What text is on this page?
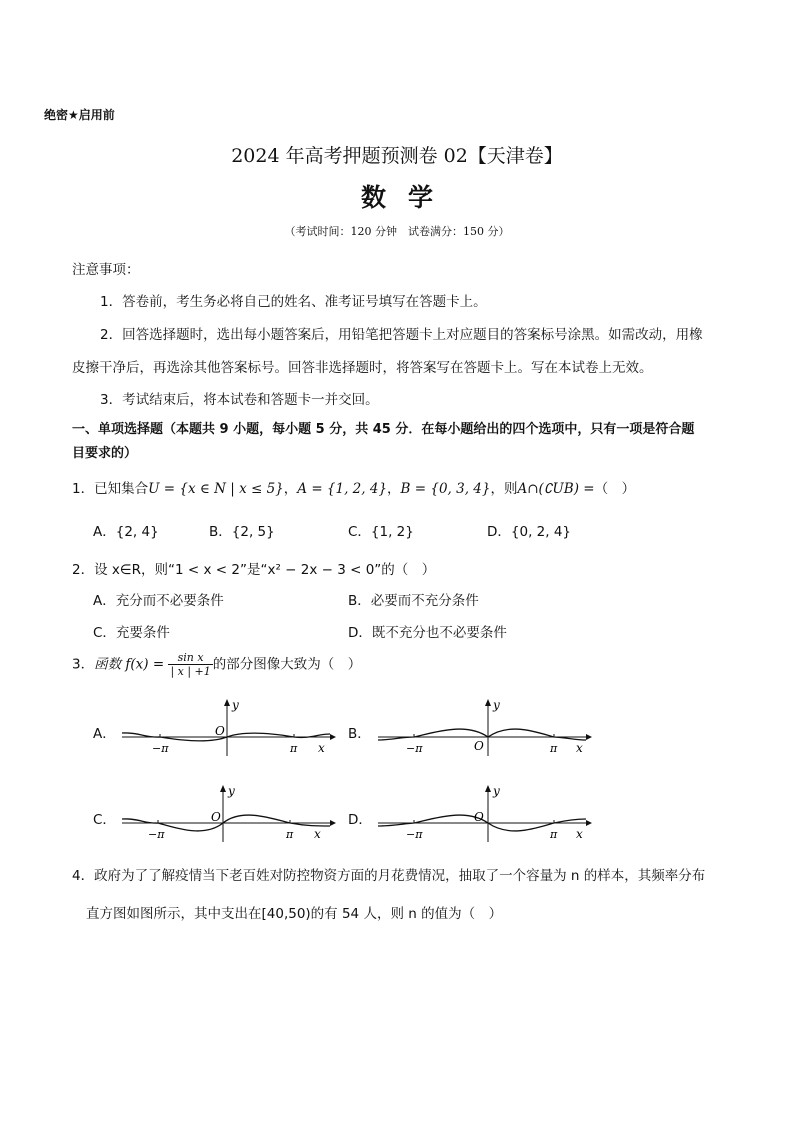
绝密★启用前
2024 年高考押题预测卷 02【天津卷】
数学
（考试时间：120 分钟　试卷满分：150 分）
注意事项：
1．答卷前，考生务必将自己的姓名、准考证号填写在答题卡上。
2．回答选择题时，选出每小题答案后，用铅笔把答题卡上对应题目的答案标号涂黑。如需改动，用橡
皮擦干净后，再选涂其他答案标号。回答非选择题时，将答案写在答题卡上。写在本试卷上无效。
3．考试结束后，将本试卷和答题卡一并交回。
一、单项选择题（本题共 9 小题，每小题 5 分，共 45 分．在每小题给出的四个选项中，只有一项是符合题
目要求的）
1．已知集合U = {x ∈ N | x ≤ 5}，A = {1, 2, 4}，B = {0, 3, 4}，则A∩(∁UB) =（　）
A．{2, 4}	B．{2, 5}	C．{1, 2}	D．{0, 2, 4}
2．设 x∈R，则“1 < x < 2”是“x² − 2x − 3 < 0”的（　）
A．充分而不必要条件	B．必要而不充分条件
C．充要条件	D．既不充分也不必要条件
3．函数 $f(x) = \frac{\text{sin x}}{| x | +1}$ 的部分图像大致为（　）
A．	B．
C．	D．
y
O
−π	π x
y
O
−π	π x
y
O
−π	π x
y
O
−π	π x
4．政府为了了解疫情当下老百姓对防控物资方面的月花费情况，抽取了一个容量为 n 的样本，其频率分布
直方图如图所示，其中支出在[40,50)的有 54 人，则 n 的值为（　）
